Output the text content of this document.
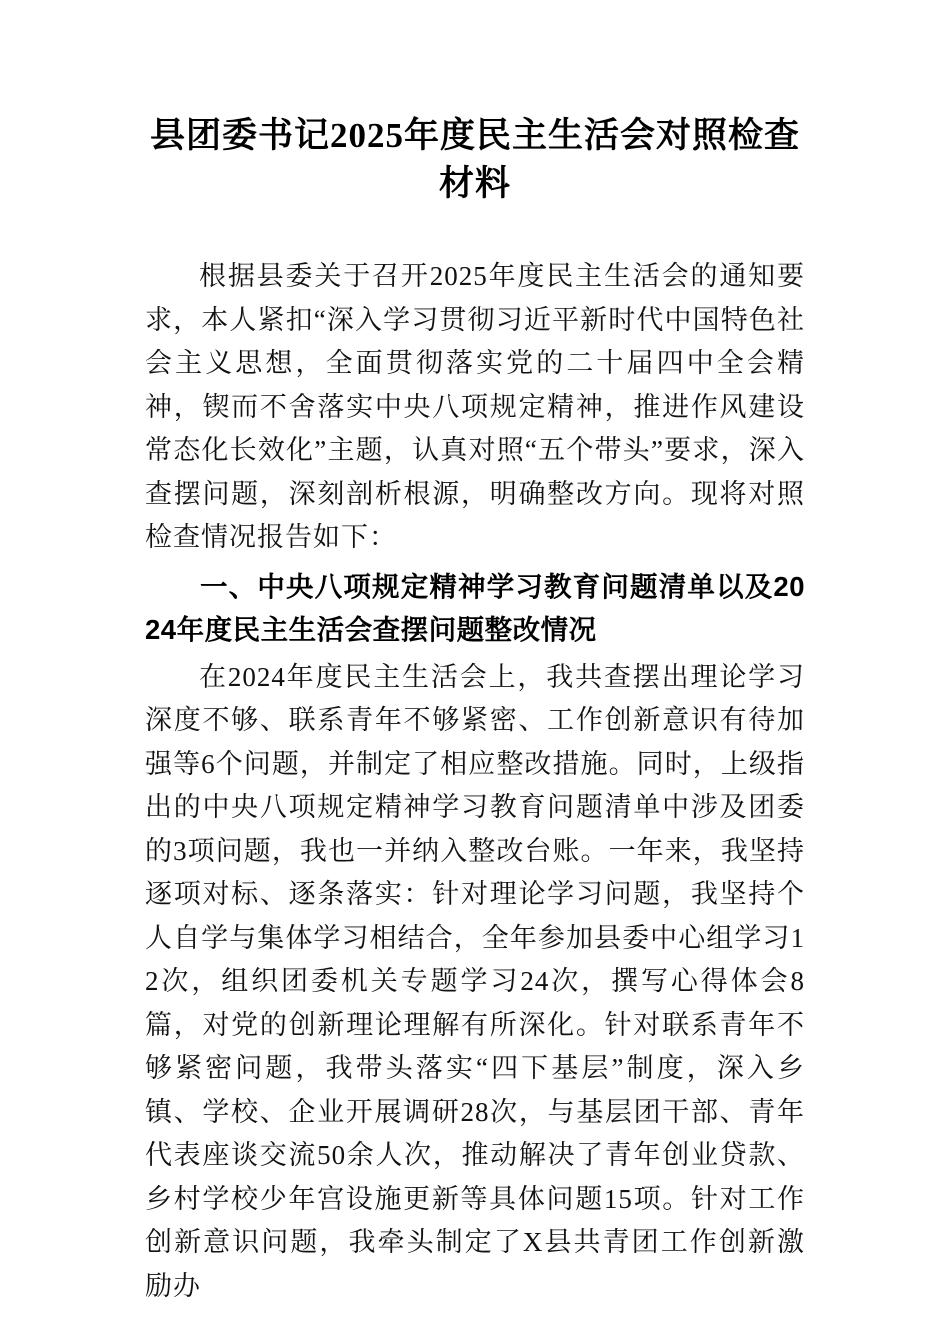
县团委书记2025年度民主生活会对照检查
材料

根据县委关于召开2025年度民主生活会的通知要求，本人紧扣“深入学习贯彻习近平新时代中国特色社会主义思想，全面贯彻落实党的二十届四中全会精神，锲而不舍落实中央八项规定精神，推进作风建设常态化长效化”主题，认真对照“五个带头”要求，深入查摆问题，深刻剖析根源，明确整改方向。现将对照检查情况报告如下：

一、中央八项规定精神学习教育问题清单以及2024年度民主生活会查摆问题整改情况

在2024年度民主生活会上，我共查摆出理论学习深度不够、联系青年不够紧密、工作创新意识有待加强等6个问题，并制定了相应整改措施。同时，上级指出的中央八项规定精神学习教育问题清单中涉及团委的3项问题，我也一并纳入整改台账。一年来，我坚持逐项对标、逐条落实：针对理论学习问题，我坚持个人自学与集体学习相结合，全年参加县委中心组学习12次，组织团委机关专题学习24次，撰写心得体会8篇，对党的创新理论理解有所深化。针对联系青年不够紧密问题，我带头落实“四下基层”制度，深入乡镇、学校、企业开展调研28次，与基层团干部、青年代表座谈交流50余人次，推动解决了青年创业贷款、乡村学校少年宫设施更新等具体问题15项。针对工作创新意识问题，我牵头制定了X县共青团工作创新激励办
